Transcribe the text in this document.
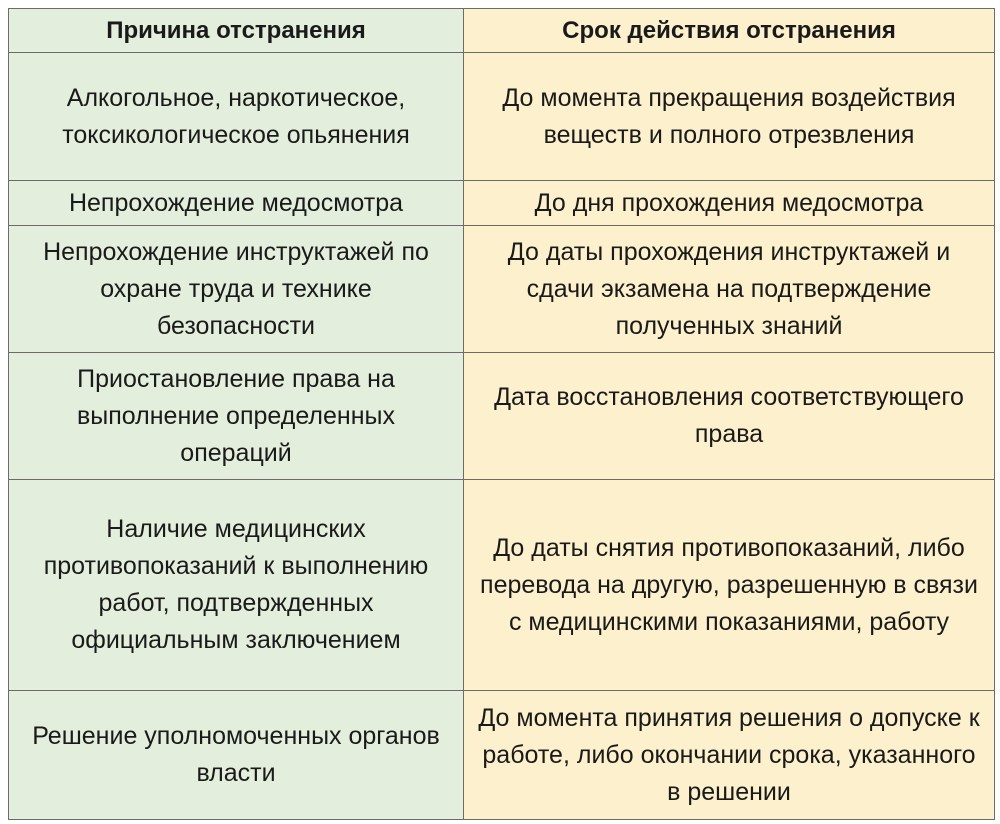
Причина отстранения	Срок действия отстранения

Алкогольное, наркотическое, токсикологическое опьянения	До момента прекращения воздействия веществ и полного отрезвления

Непрохождение медосмотра	До дня прохождения медосмотра

Непрохождение инструктажей по охране труда и технике безопасности	До даты прохождения инструктажей и сдачи экзамена на подтверждение полученных знаний

Приостановление права на выполнение определенных операций	Дата восстановления соответствующего права

Наличие медицинских противопоказаний к выполнению работ, подтвержденных официальным заключением	До даты снятия противопоказаний, либо перевода на другую, разрешенную в связи с медицинскими показаниями, работу

Решение уполномоченных органов власти	До момента принятия решения о допуске к работе, либо окончании срока, указанного в решении
